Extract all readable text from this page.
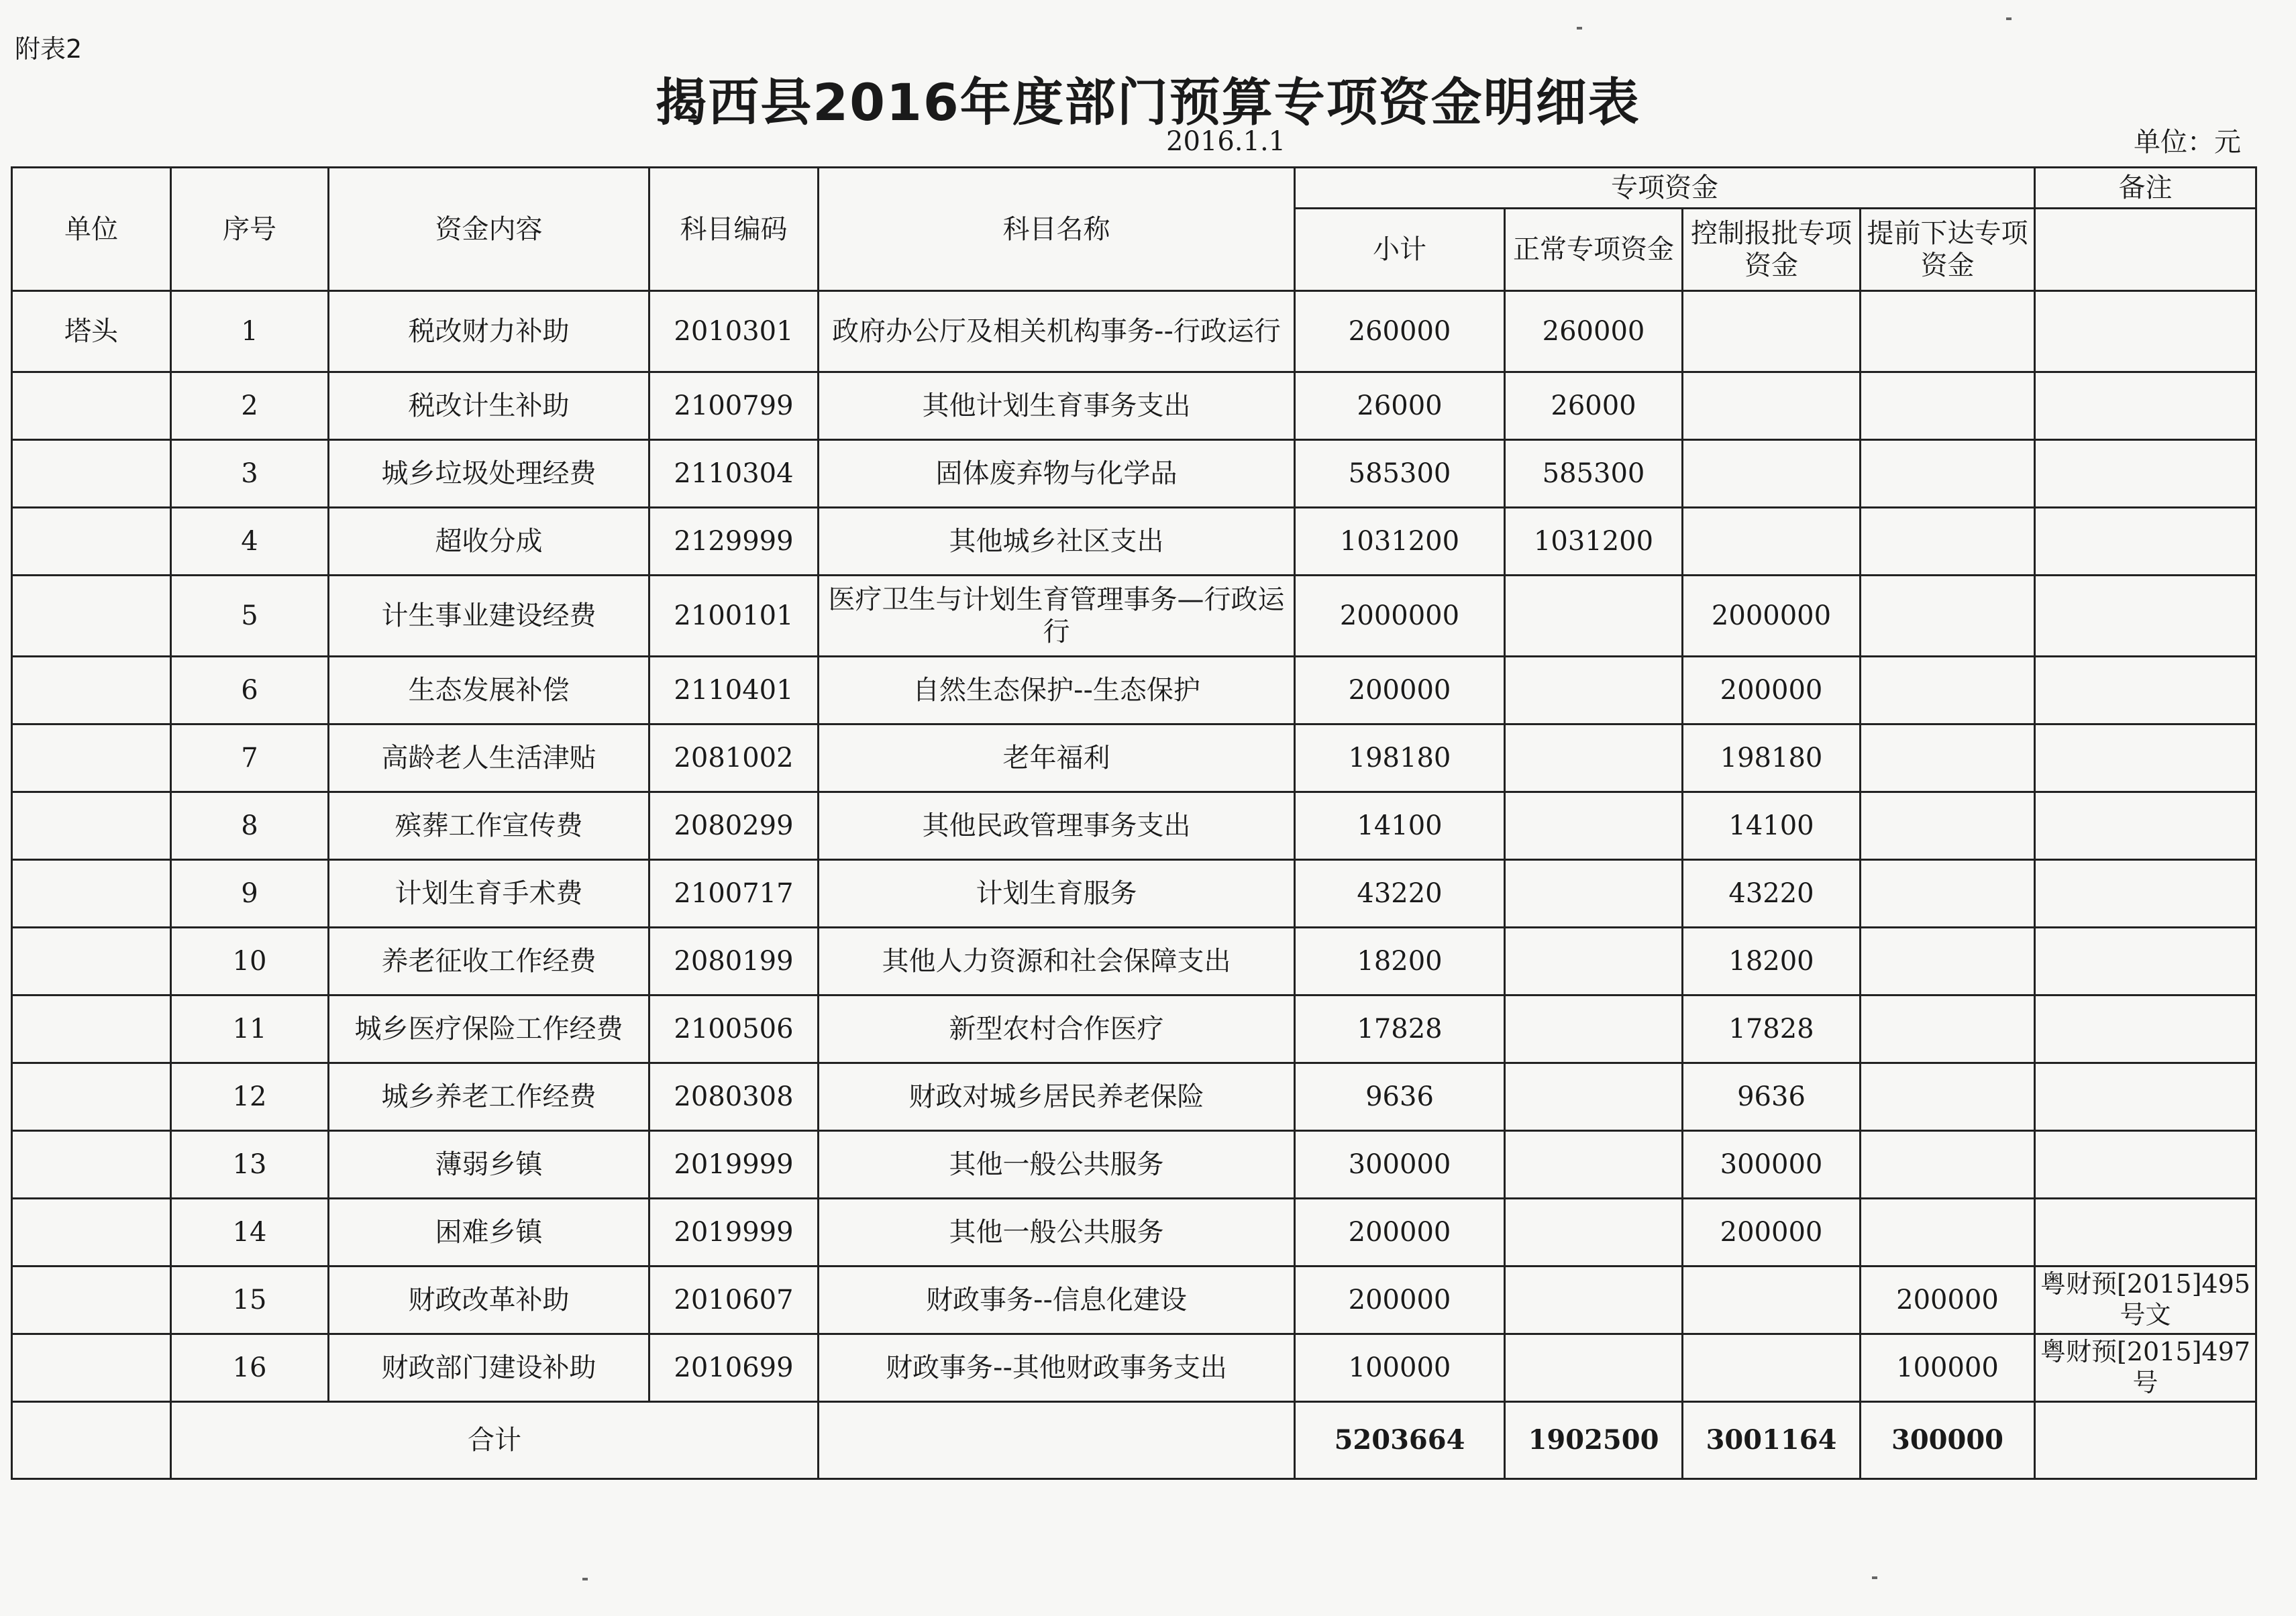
附表2
揭西县2016年度部门预算专项资金明细表
2016.1.1	单位：元
单位	序号	资金内容	科目编码	科目名称	专项资金				备注
					小计	正常专项资金	控制报批专项资金	提前下达专项资金	
塔头	1	税改财力补助	2010301	政府办公厅及相关机构事务--行政运行	260000	260000			
	2	税改计生补助	2100799	其他计划生育事务支出	26000	26000			
	3	城乡垃圾处理经费	2110304	固体废弃物与化学品	585300	585300			
	4	超收分成	2129999	其他城乡社区支出	1031200	1031200			
	5	计生事业建设经费	2100101	医疗卫生与计划生育管理事务—行政运行	2000000		2000000		
	6	生态发展补偿	2110401	自然生态保护--生态保护	200000		200000		
	7	高龄老人生活津贴	2081002	老年福利	198180		198180		
	8	殡葬工作宣传费	2080299	其他民政管理事务支出	14100		14100		
	9	计划生育手术费	2100717	计划生育服务	43220		43220		
	10	养老征收工作经费	2080199	其他人力资源和社会保障支出	18200		18200		
	11	城乡医疗保险工作经费	2100506	新型农村合作医疗	17828		17828		
	12	城乡养老工作经费	2080308	财政对城乡居民养老保险	9636		9636		
	13	薄弱乡镇	2019999	其他一般公共服务	300000		300000		
	14	困难乡镇	2019999	其他一般公共服务	200000		200000		
	15	财政改革补助	2010607	财政事务--信息化建设	200000			200000	粤财预[2015]495号文
	16	财政部门建设补助	2010699	财政事务--其他财政事务支出	100000			100000	粤财预[2015]497号
	合计				5203664	1902500	3001164	300000	
